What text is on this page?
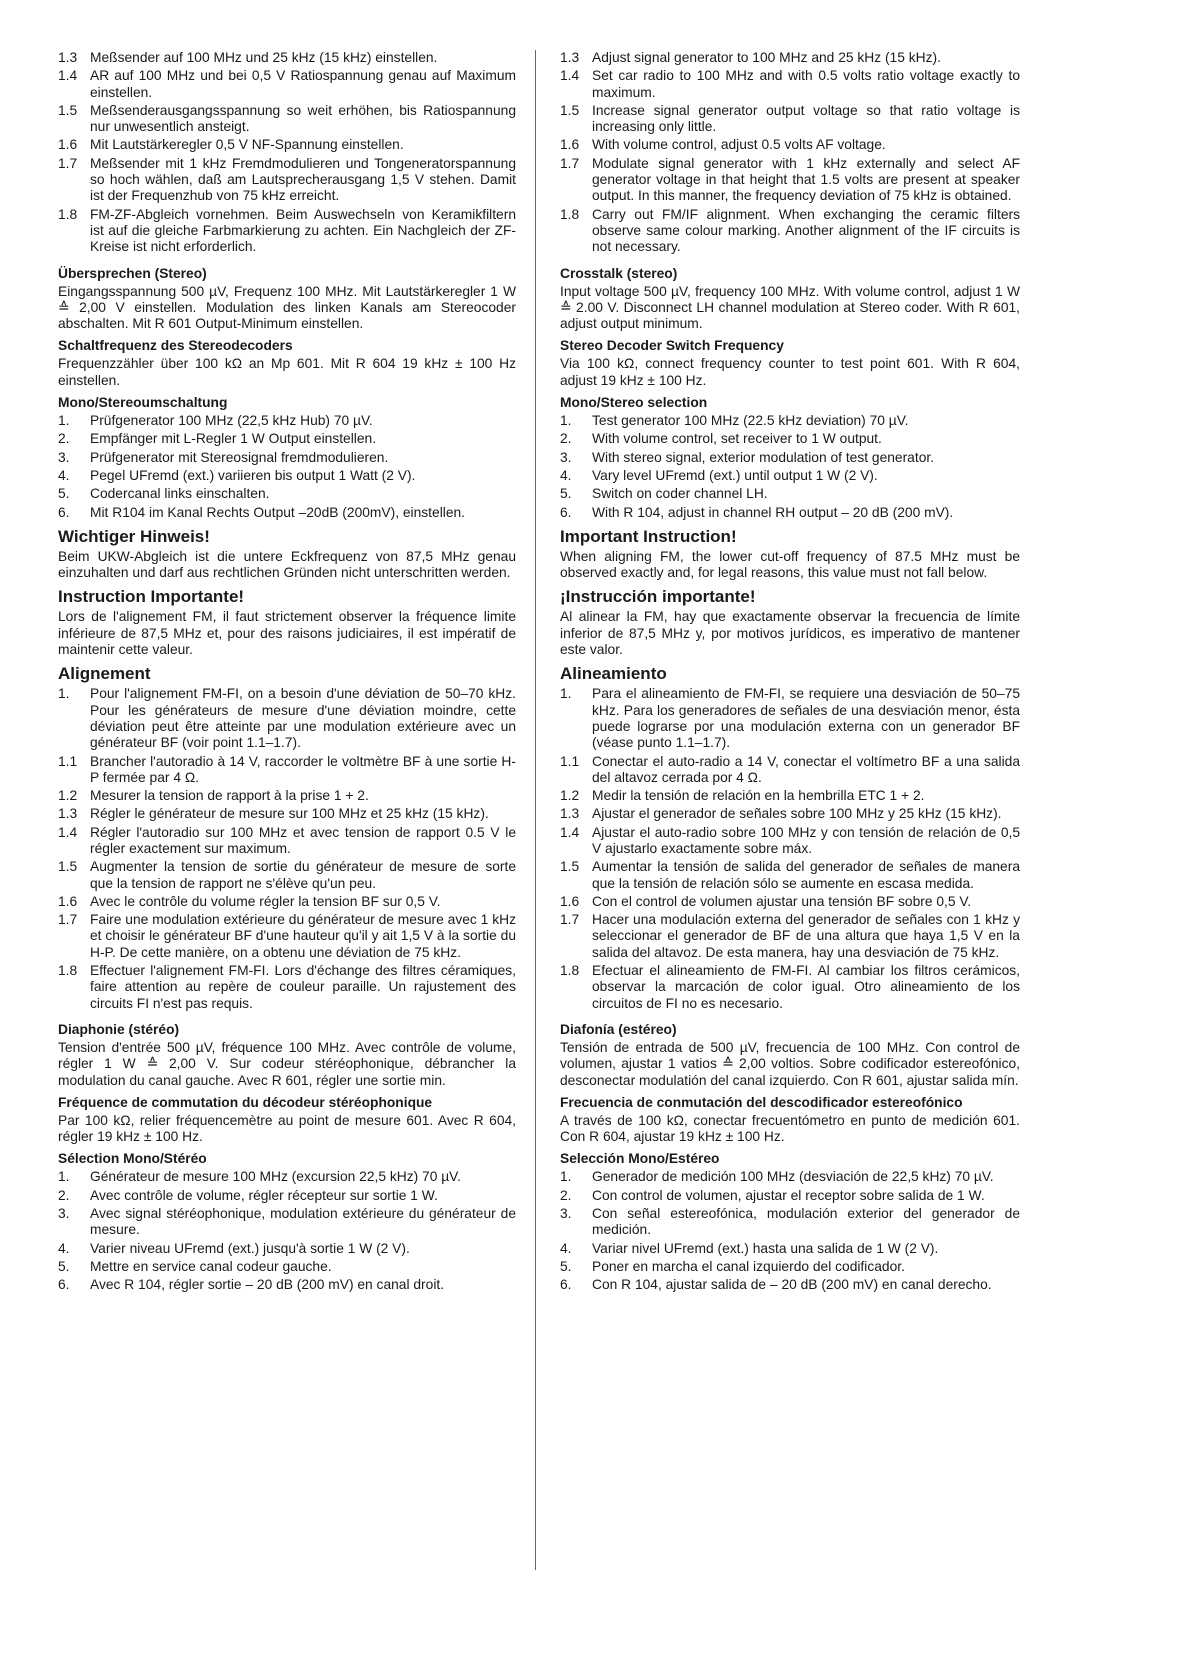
1.3 Meßsender auf 100 MHz und 25 kHz (15 kHz) einstellen.
1.4 AR auf 100 MHz und bei 0,5 V Ratiospannung genau auf Maximum einstellen.
1.5 Meßsenderausgangsspannung so weit erhöhen, bis Ratiospannung nur unwesentlich ansteigt.
1.6 Mit Lautstärkeregler 0,5 V NF-Spannung einstellen.
1.7 Meßsender mit 1 kHz Fremdmodulieren und Tongeneratorspannung so hoch wählen, daß am Lautsprecherausgang 1,5 V stehen. Damit ist der Frequenzhub von 75 kHz erreicht.
1.8 FM-ZF-Abgleich vornehmen. Beim Auswechseln von Keramikfiltern ist auf die gleiche Farbmarkierung zu achten. Ein Nachgleich der ZF-Kreise ist nicht erforderlich.
Übersprechen (Stereo)
Eingangsspannung 500 µV, Frequenz 100 MHz. Mit Lautstärkeregler 1 W ≙ 2,00 V einstellen. Modulation des linken Kanals am Stereocoder abschalten. Mit R 601 Output-Minimum einstellen.
Schaltfrequenz des Stereodecoders
Frequenzzähler über 100 kΩ an Mp 601. Mit R 604 19 kHz ± 100 Hz einstellen.
Mono/Stereoumschaltung
1.	Prüfgenerator 100 MHz (22,5 kHz Hub) 70 µV.
2.	Empfänger mit L-Regler 1 W Output einstellen.
3.	Prüfgenerator mit Stereosignal fremdmodulieren.
4.	Pegel UFremd (ext.) variieren bis output 1 Watt (2 V).
5.	Codercanal links einschalten.
6.	Mit R104 im Kanal Rechts Output –20dB (200mV), einstellen.
Wichtiger Hinweis!
Beim UKW-Abgleich ist die untere Eckfrequenz von 87,5 MHz genau einzuhalten und darf aus rechtlichen Gründen nicht unterschritten werden.
Instruction Importante!
Lors de l'alignement FM, il faut strictement observer la fréquence limite inférieure de 87,5 MHz et, pour des raisons judiciaires, il est impératif de maintenir cette valeur.
Alignement
1.	Pour l'alignement FM-FI, on a besoin d'une déviation de 50–70 kHz. Pour les générateurs de mesure d'une déviation moindre, cette déviation peut être atteinte par une modulation extérieure avec un générateur BF (voir point 1.1–1.7).
1.1 Brancher l'autoradio à 14 V, raccorder le voltmètre BF à une sortie H-P fermée par 4 Ω.
1.2 Mesurer la tension de rapport à la prise 1 + 2.
1.3 Régler le générateur de mesure sur 100 MHz et 25 kHz (15 kHz).
1.4 Régler l'autoradio sur 100 MHz et avec tension de rapport 0.5 V le régler exactement sur maximum.
1.5 Augmenter la tension de sortie du générateur de mesure de sorte que la tension de rapport ne s'élève qu'un peu.
1.6 Avec le contrôle du volume régler la tension BF sur 0,5 V.
1.7 Faire une modulation extérieure du générateur de mesure avec 1 kHz et choisir le générateur BF d'une hauteur qu'il y ait 1,5 V à la sortie du H-P. De cette manière, on a obtenu une déviation de 75 kHz.
1.8 Effectuer l'alignement FM-FI. Lors d'échange des filtres céramiques, faire attention au repère de couleur paraille. Un rajustement des circuits FI n'est pas requis.
Diaphonie (stéréo)
Tension d'entrée 500 µV, fréquence 100 MHz. Avec contrôle de volume, régler 1 W ≙ 2,00 V. Sur codeur stéréophonique, débrancher la modulation du canal gauche. Avec R 601, régler une sortie min.
Fréquence de commutation du décodeur stéréophonique
Par 100 kΩ, relier fréquencemètre au point de mesure 601. Avec R 604, régler 19 kHz ± 100 Hz.
Sélection Mono/Stéréo
1.	Générateur de mesure 100 MHz (excursion 22,5 kHz) 70 µV.
2.	Avec contrôle de volume, régler récepteur sur sortie 1 W.
3.	Avec signal stéréophonique, modulation extérieure du générateur de mesure.
4.	Varier niveau UFremd (ext.) jusqu'à sortie 1 W (2 V).
5.	Mettre en service canal codeur gauche.
6.	Avec R 104, régler sortie – 20 dB (200 mV) en canal droit.
1.3 Adjust signal generator to 100 MHz and 25 kHz (15 kHz).
1.4 Set car radio to 100 MHz and with 0.5 volts ratio voltage exactly to maximum.
1.5 Increase signal generator output voltage so that ratio voltage is increasing only little.
1.6 With volume control, adjust 0.5 volts AF voltage.
1.7 Modulate signal generator with 1 kHz externally and select AF generator voltage in that height that 1.5 volts are present at speaker output. In this manner, the frequency deviation of 75 kHz is obtained.
1.8 Carry out FM/IF alignment. When exchanging the ceramic filters observe same colour marking. Another alignment of the IF circuits is not necessary.
Crosstalk (stereo)
Input voltage 500 µV, frequency 100 MHz. With volume control, adjust 1 W ≙ 2.00 V. Disconnect LH channel modulation at Stereo coder. With R 601, adjust output minimum.
Stereo Decoder Switch Frequency
Via 100 kΩ, connect frequency counter to test point 601. With R 604, adjust 19 kHz ± 100 Hz.
Mono/Stereo selection
1.	Test generator 100 MHz (22.5 kHz deviation) 70 µV.
2.	With volume control, set receiver to 1 W output.
3.	With stereo signal, exterior modulation of test generator.
4.	Vary level UFremd (ext.) until output 1 W (2 V).
5.	Switch on coder channel LH.
6.	With R 104, adjust in channel RH output – 20 dB (200 mV).
Important Instruction!
When aligning FM, the lower cut-off frequency of 87.5 MHz must be observed exactly and, for legal reasons, this value must not fall below.
¡Instrucción importante!
Al alinear la FM, hay que exactamente observar la frecuencia de límite inferior de 87,5 MHz y, por motivos jurídicos, es imperativo de mantener este valor.
Alineamiento
1.	Para el alineamiento de FM-FI, se requiere una desviación de 50–75 kHz. Para los generadores de señales de una desviación menor, ésta puede lograrse por una modulación externa con un generador BF (véase punto 1.1–1.7).
1.1 Conectar el auto-radio a 14 V, conectar el voltímetro BF a una salida del altavoz cerrada por 4 Ω.
1.2 Medir la tensión de relación en la hembrilla ETC 1 + 2.
1.3 Ajustar el generador de señales sobre 100 MHz y 25 kHz (15 kHz).
1.4 Ajustar el auto-radio sobre 100 MHz y con tensión de relación de 0,5 V ajustarlo exactamente sobre máx.
1.5 Aumentar la tensión de salida del generador de señales de manera que la tensión de relación sólo se aumente en escasa medida.
1.6 Con el control de volumen ajustar una tensión BF sobre 0,5 V.
1.7 Hacer una modulación externa del generador de señales con 1 kHz y seleccionar el generador de BF de una altura que haya 1,5 V en la salida del altavoz. De esta manera, hay una desviación de 75 kHz.
1.8 Efectuar el alineamiento de FM-FI. Al cambiar los filtros cerámicos, observar la marcación de color igual. Otro alineamiento de los circuitos de FI no es necesario.
Diafonía (estéreo)
Tensión de entrada de 500 µV, frecuencia de 100 MHz. Con control de volumen, ajustar 1 vatios ≙ 2,00 voltios. Sobre codificador estereofónico, desconectar modulatión del canal izquierdo. Con R 601, ajustar salida mín.
Frecuencia de conmutación del descodificador estereofónico
A través de 100 kΩ, conectar frecuentómetro en punto de medición 601. Con R 604, ajustar 19 kHz ± 100 Hz.
Selección Mono/Estéreo
1.	Generador de medición 100 MHz (desviación de 22,5 kHz) 70 µV.
2.	Con control de volumen, ajustar el receptor sobre salida de 1 W.
3.	Con señal estereofónica, modulación exterior del generador de medición.
4.	Variar nivel UFremd (ext.) hasta una salida de 1 W (2 V).
5.	Poner en marcha el canal izquierdo del codificador.
6.	Con R 104, ajustar salida de – 20 dB (200 mV) en canal derecho.
